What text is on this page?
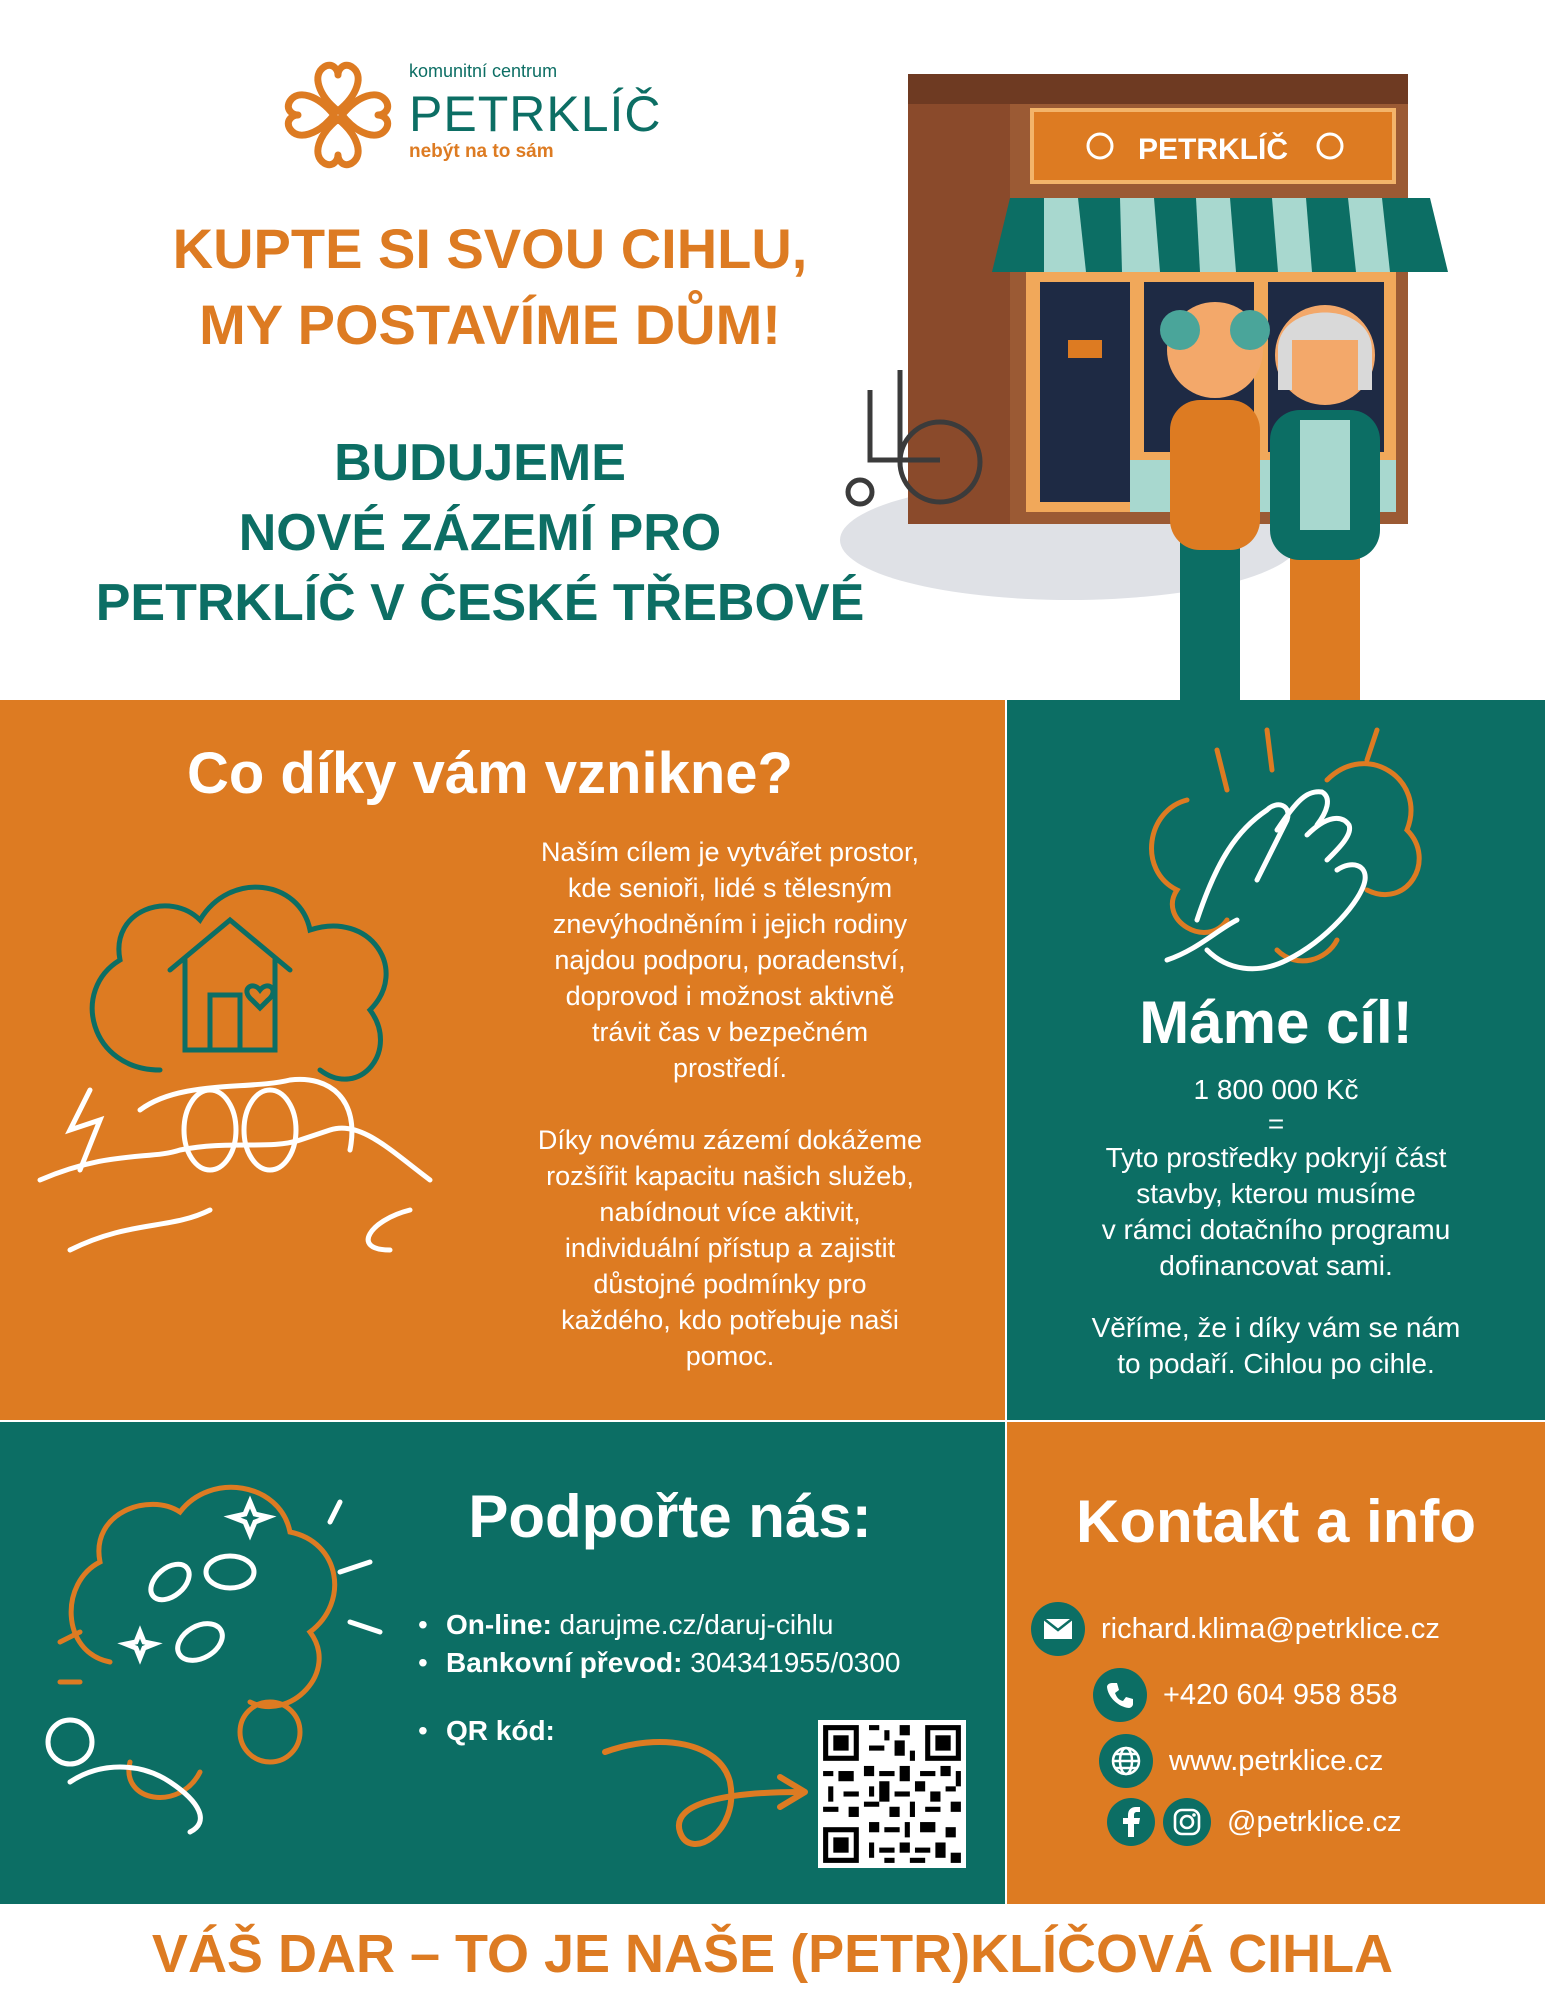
komunitní centrum
PETRKLÍČ
nebýt na to sám
KUPTE SI SVOU CIHLU,
MY POSTAVÍME DŮM!
BUDUJEME
NOVÉ ZÁZEMÍ PRO
PETRKLÍČ V ČESKÉ TŘEBOVÉ
PETRKLÍČ
Co díky vám vznikne?
Naším cílem je vytvářet prostor,
kde senioři, lidé s tělesným
znevýhodněním i jejich rodiny
najdou podporu, poradenství,
doprovod i možnost aktivně
trávit čas v bezpečném
prostředí.
Díky novému zázemí dokážeme
rozšířit kapacitu našich služeb,
nabídnout více aktivit,
individuální přístup a zajistit
důstojné podmínky pro
každého, kdo potřebuje naši
pomoc.
Máme cíl!
1 800 000 Kč
=
Tyto prostředky pokryjí část
stavby, kterou musíme
v rámci dotačního programu
dofinancovat sami.
Věříme, že i díky vám se nám
to podaří. Cihlou po cihle.
Podpořte nás:
• On-line: darujme.cz/daruj-cihlu
• Bankovní převod: 304341955/0300
• QR kód:
Kontakt a info
richard.klima@petrklice.cz
+420 604 958 858
www.petrklice.cz
@petrklice.cz
VÁŠ DAR – TO JE NAŠE (PETR)KLÍČOVÁ CIHLA
